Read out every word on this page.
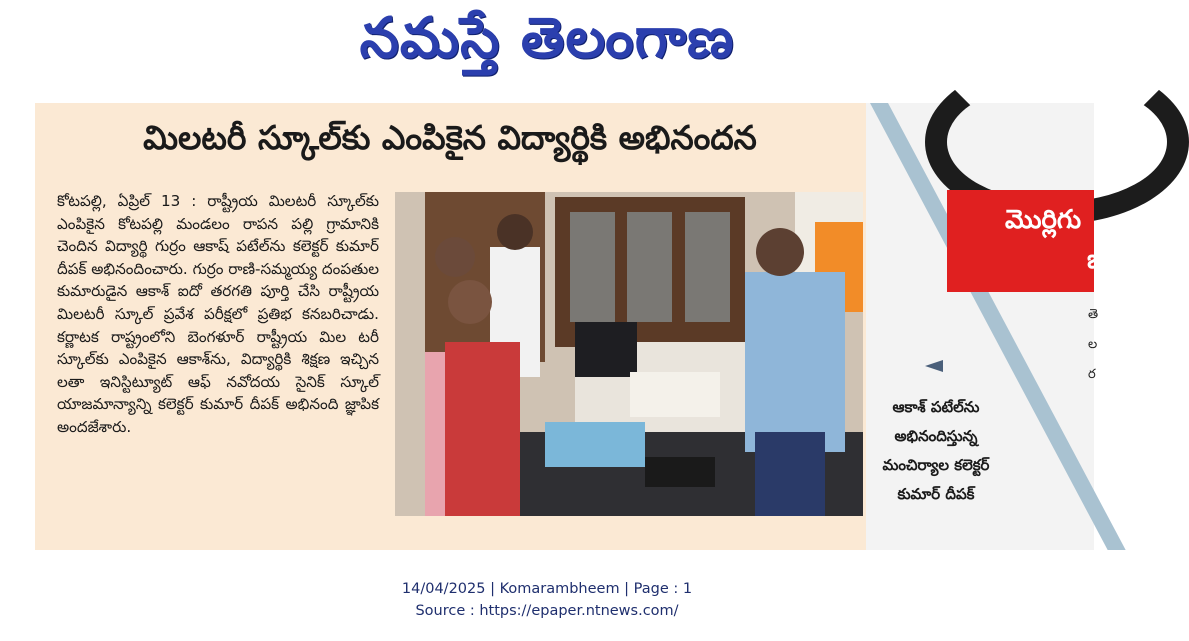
నమస్తే తెలంగాణ
మొర్లిగు
భ
తె
ల
ర
మిలటరీ స్కూల్‌కు ఎంపికైన విద్యార్థికి అభినందన
కోటపల్లి, ఏప్రిల్ 13 : రాష్ట్రీయ మిలటరీ స్కూల్‌కు ఎంపికైన కోటపల్లి మండలం రాపన పల్లి గ్రామానికి చెందిన విద్యార్థి గుర్రం ఆకాష్ పటేల్‌ను కలెక్టర్ కుమార్ దీపక్ అభినందించారు. గుర్రం రాణి-సమ్మయ్య దంపతుల కుమారుడైన ఆకాశ్ ఐదో తరగతి పూర్తి చేసి రాష్ట్రీయ మిలటరీ స్కూల్ ప్రవేశ పరీక్షలో ప్రతిభ కనబరిచాడు. కర్ణాటక రాష్ట్రంలోని బెంగళూర్ రాష్ట్రీయ మిల టరీ స్కూల్‌కు ఎంపికైన ఆకాశ్‌ను, విద్యార్థికి శిక్షణ ఇచ్చిన లతా ఇనిస్టిట్యూట్ ఆఫ్ నవోదయ సైనిక్ స్కూల్ యాజమాన్యాన్ని కలెక్టర్ కుమార్ దీపక్ అభినంది జ్ఞాపిక అందజేశారు.
ఆకాశ్ పటేల్‌ను
అభినందిస్తున్న
మంచిర్యాల కలెక్టర్
కుమార్ దీపక్
14/04/2025 | Komarambheem | Page : 1
Source : https://epaper.ntnews.com/
